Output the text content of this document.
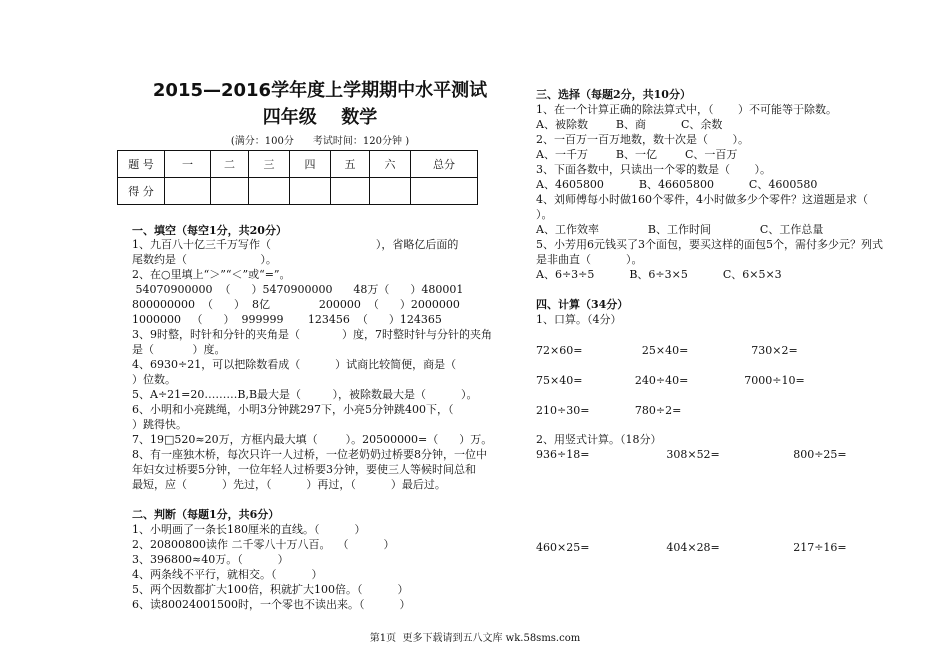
2015—2016学年度上学期期中水平测试
四年级  数学
(满分：100分      考试时间：120分钟 )
题 号	一	二	三	四	五	六	总分
得 分							
一、填空（每空1分，共20分）
1、九百八十亿三千万写作（                              ），省略亿后面的
尾数约是（                     ）。
2、在○里填上“＞”“＜”或“=”。
54070900000  （      ）5470900000      48万（      ）480001
800000000  （      ）  8亿              200000  （      ）2000000
1000000   （      ）  999999       123456  （      ）124365
3、9时整，时针和分针的夹角是（            ）度，7时整时针与分针的夹角
是（           ）度。
4、6930÷21，可以把除数看成（          ）试商比较简便，商是（
）位数。
5、A÷21=20………B,B最大是（         ），被除数最大是（          ）。
6、小明和小亮跳绳，小明3分钟跳297下，小亮5分钟跳400下，（
）跳得快。
7、19□520≈20万，方框内最大填（        ）。20500000=（      ）万。
8、有一座独木桥，每次只许一人过桥，一位老奶奶过桥要8分钟，一位中
年妇女过桥要5分钟，一位年轻人过桥要3分钟，要使三人等候时间总和
最短，应（          ）先过，（          ）再过，（          ）最后过。
二、判断（每题1分，共6分）
1、小明画了一条长180厘米的直线。（          ）
2、20800800读作 二千零八十万八百。  （          ）
3、396800≈40万。（          ）
4、两条线不平行，就相交。（          ）
5、两个因数都扩大100倍，积就扩大100倍。（          ）
6、读80024001500时，一个零也不读出来。（          ）
三、选择（每题2分，共10分）
1、在一个计算正确的除法算式中，（       ）不可能等于除数。
A、被除数        B、商          C、余数
2、一百万一百万地数，数十次是（       ）。
A、一千万        B、一亿        C、一百万
3、下面各数中，只读出一个零的数是（       ）。
A、4605800          B、46605800          C、4600580
4、刘师傅每小时做160个零件，4小时做多少个零件？这道题是求（
）。
A、工作效率              B、工作时间              C、工作总量
5、小芳用6元钱买了3个面包，要买这样的面包5个，需付多少元？列式
是非曲直（          ）。
A、6÷3÷5          B、6÷3×5          C、6×5×3
四、计算（34分）
1、口算。（4分）
72×60=                 25×40=                  730×2=
75×40=               240÷40=                7000÷10=
210÷30=             780÷2=
2、用竖式计算。（18分）
936÷18=                      308×52=                     800÷25=
460×25=                      404×28=                     217÷16=
第1页  更多下载请到五八文库 wk.58sms.com
